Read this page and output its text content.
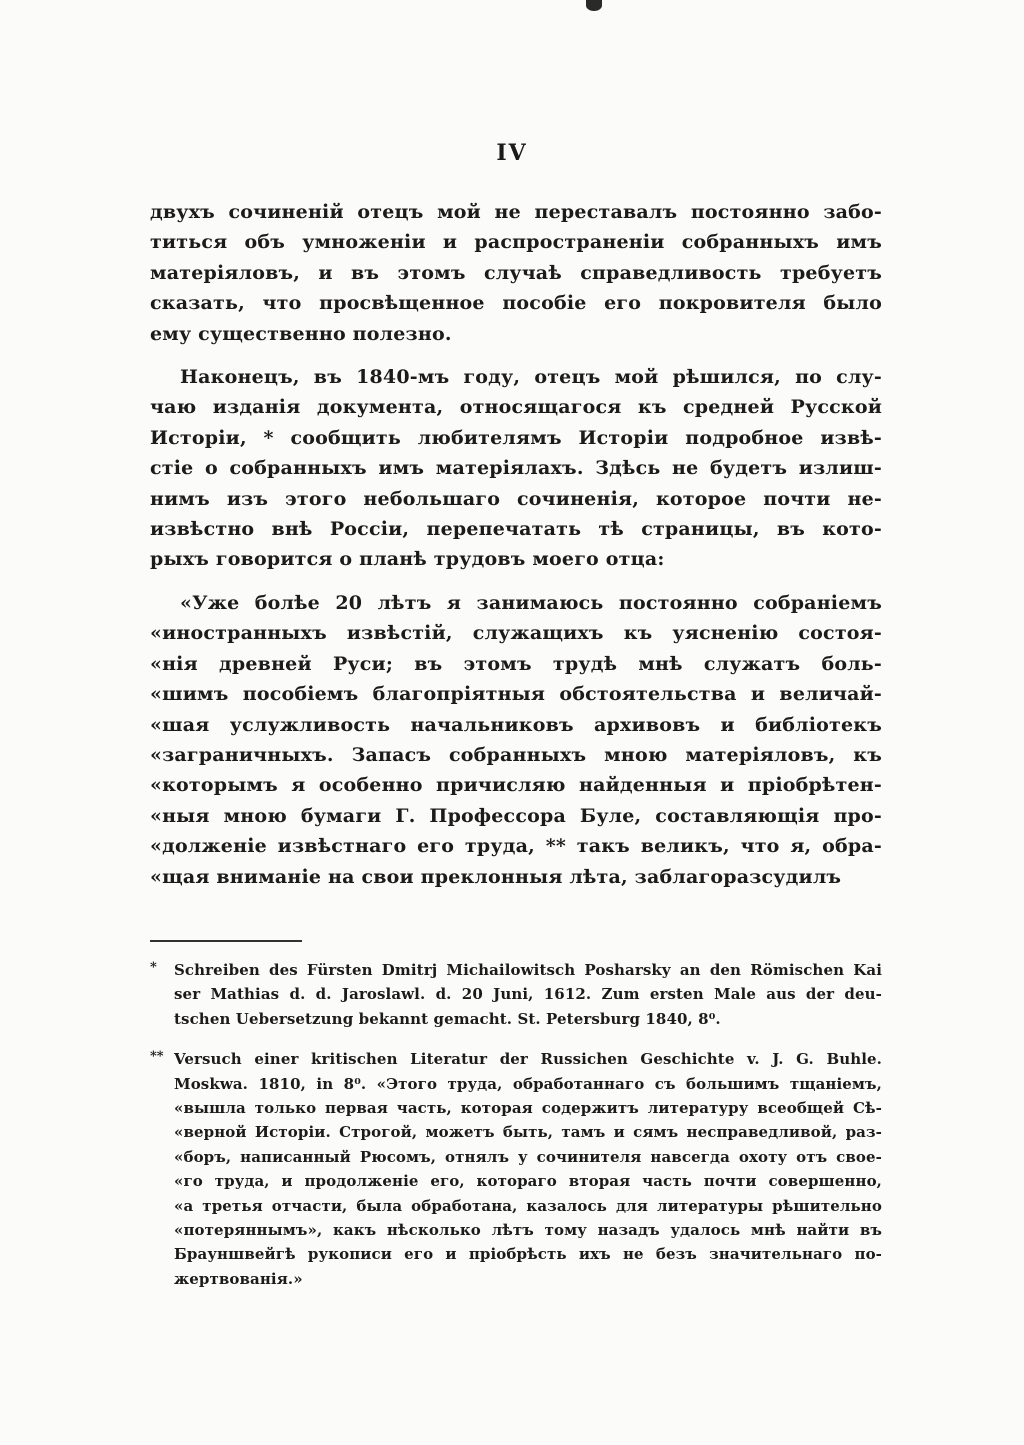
IV
двухъ сочиненій отецъ мой не переставалъ постоянно забо-
титься объ умноженіи и распространеніи собранныхъ имъ
матеріяловъ, и въ этомъ случаѣ справедливость требуетъ
сказать, что просвѣщенное пособіе его покровителя было
ему существенно полезно.
Наконецъ, въ 1840-мъ году, отецъ мой рѣшился, по слу-
чаю изданія документа, относящагося къ средней Русской
Исторіи, * сообщить любителямъ Исторіи подробное извѣ-
стіе о собранныхъ имъ матеріялахъ. Здѣсь не будетъ излиш-
нимъ изъ этого небольшаго сочиненія, которое почти не-
извѣстно внѣ Россіи, перепечатать тѣ страницы, въ кото-
рыхъ говорится о планѣ трудовъ моего отца:
«Уже болѣе 20 лѣтъ я занимаюсь постоянно собраніемъ
«иностранныхъ извѣстій, служащихъ къ уясненію состоя-
«нія древней Руси; въ этомъ трудѣ мнѣ служатъ боль-
«шимъ пособіемъ благопріятныя обстоятельства и величай-
«шая услужливость начальниковъ архивовъ и библіотекъ
«заграничныхъ. Запасъ собранныхъ мною матеріяловъ, къ
«которымъ я особенно причисляю найденныя и пріобрѣтен-
«ныя мною бумаги Г. Профессора Буле, составляющія про-
«долженіе извѣстнаго его труда, ** такъ великъ, что я, обра-
«щая вниманіе на свои преклонныя лѣта, заблагоразсудилъ
* Schreiben des Fürsten Dmitrj Michailowitsch Posharsky an den Römischen Kai
ser Mathias d. d. Jaroslawl. d. 20 Juni, 1612. Zum ersten Male aus der deu-
tschen Uebersetzung bekannt gemacht. St. Petersburg 1840, 8⁰.
** Versuch einer kritischen Literatur der Russichen Geschichte v. J. G. Buhle.
Moskwa. 1810, in 8⁰. «Этого труда, обработаннаго съ большимъ тщаніемъ,
«вышла только первая часть, которая содержитъ литературу всеобщей Сѣ-
«верной Исторіи. Строгой, можетъ быть, тамъ и сямъ несправедливой, раз-
«боръ, написанный Рюсомъ, отнялъ у сочинителя навсегда охоту отъ свое-
«го труда, и продолженіе его, котораго вторая часть почти совершенно,
«а третья отчасти, была обработана, казалось для литературы рѣшительно
«потеряннымъ», какъ нѣсколько лѣтъ тому назадъ удалось мнѣ найти въ
Брауншвейгѣ рукописи его и пріобрѣсть ихъ не безъ значительнаго по-
жертвованія.»
